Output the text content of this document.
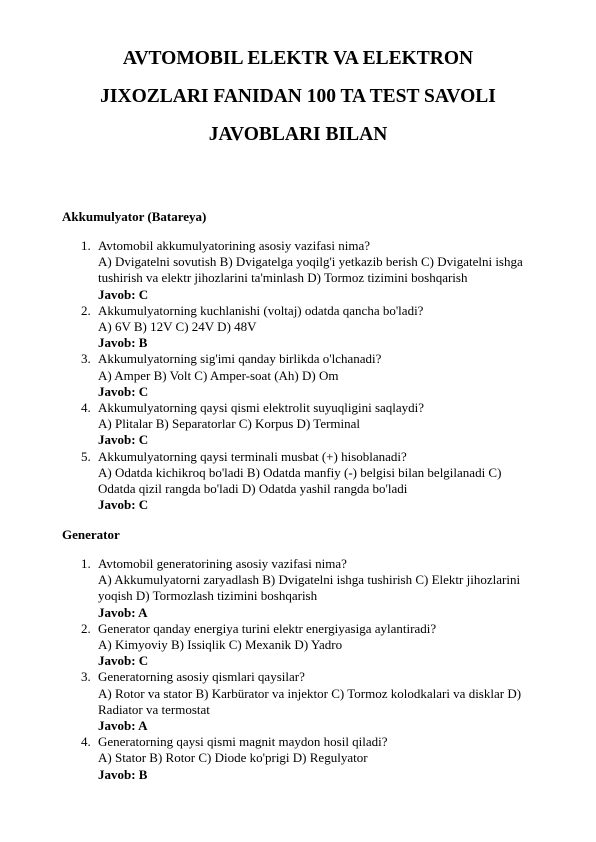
AVTOMOBIL ELEKTR VA ELEKTRON
JIXOZLARI FANIDAN 100 TA TEST SAVOLI
JAVOBLARI BILAN
Akkumulyator (Batareya)
1. Avtomobil akkumulyatorining asosiy vazifasi nima?
A) Dvigatelni sovutish B) Dvigatelga yoqilg'i yetkazib berish C) Dvigatelni ishga tushirish va elektr jihozlarini ta'minlash D) Tormoz tizimini boshqarish
Javob: C
2. Akkumulyatorning kuchlanishi (voltaj) odatda qancha bo'ladi?
A) 6V B) 12V C) 24V D) 48V
Javob: B
3. Akkumulyatorning sig'imi qanday birlikda o'lchanadi?
A) Amper B) Volt C) Amper-soat (Ah) D) Om
Javob: C
4. Akkumulyatorning qaysi qismi elektrolit suyuqligini saqlaydi?
A) Plitalar B) Separatorlar C) Korpus D) Terminal
Javob: C
5. Akkumulyatorning qaysi terminali musbat (+) hisoblanadi?
A) Odatda kichikroq bo'ladi B) Odatda manfiy (-) belgisi bilan belgilanadi C) Odatda qizil rangda bo'ladi D) Odatda yashil rangda bo'ladi
Javob: C
Generator
1. Avtomobil generatorining asosiy vazifasi nima?
A) Akkumulyatorni zaryadlash B) Dvigatelni ishga tushirish C) Elektr jihozlarini yoqish D) Tormozlash tizimini boshqarish
Javob: A
2. Generator qanday energiya turini elektr energiyasiga aylantiradi?
A) Kimyoviy B) Issiqlik C) Mexanik D) Yadro
Javob: C
3. Generatorning asosiy qismlari qaysilar?
A) Rotor va stator B) Karbürator va injektor C) Tormoz kolodkalari va disklar D) Radiator va termostat
Javob: A
4. Generatorning qaysi qismi magnit maydon hosil qiladi?
A) Stator B) Rotor C) Diode ko'prigi D) Regulyator
Javob: B
